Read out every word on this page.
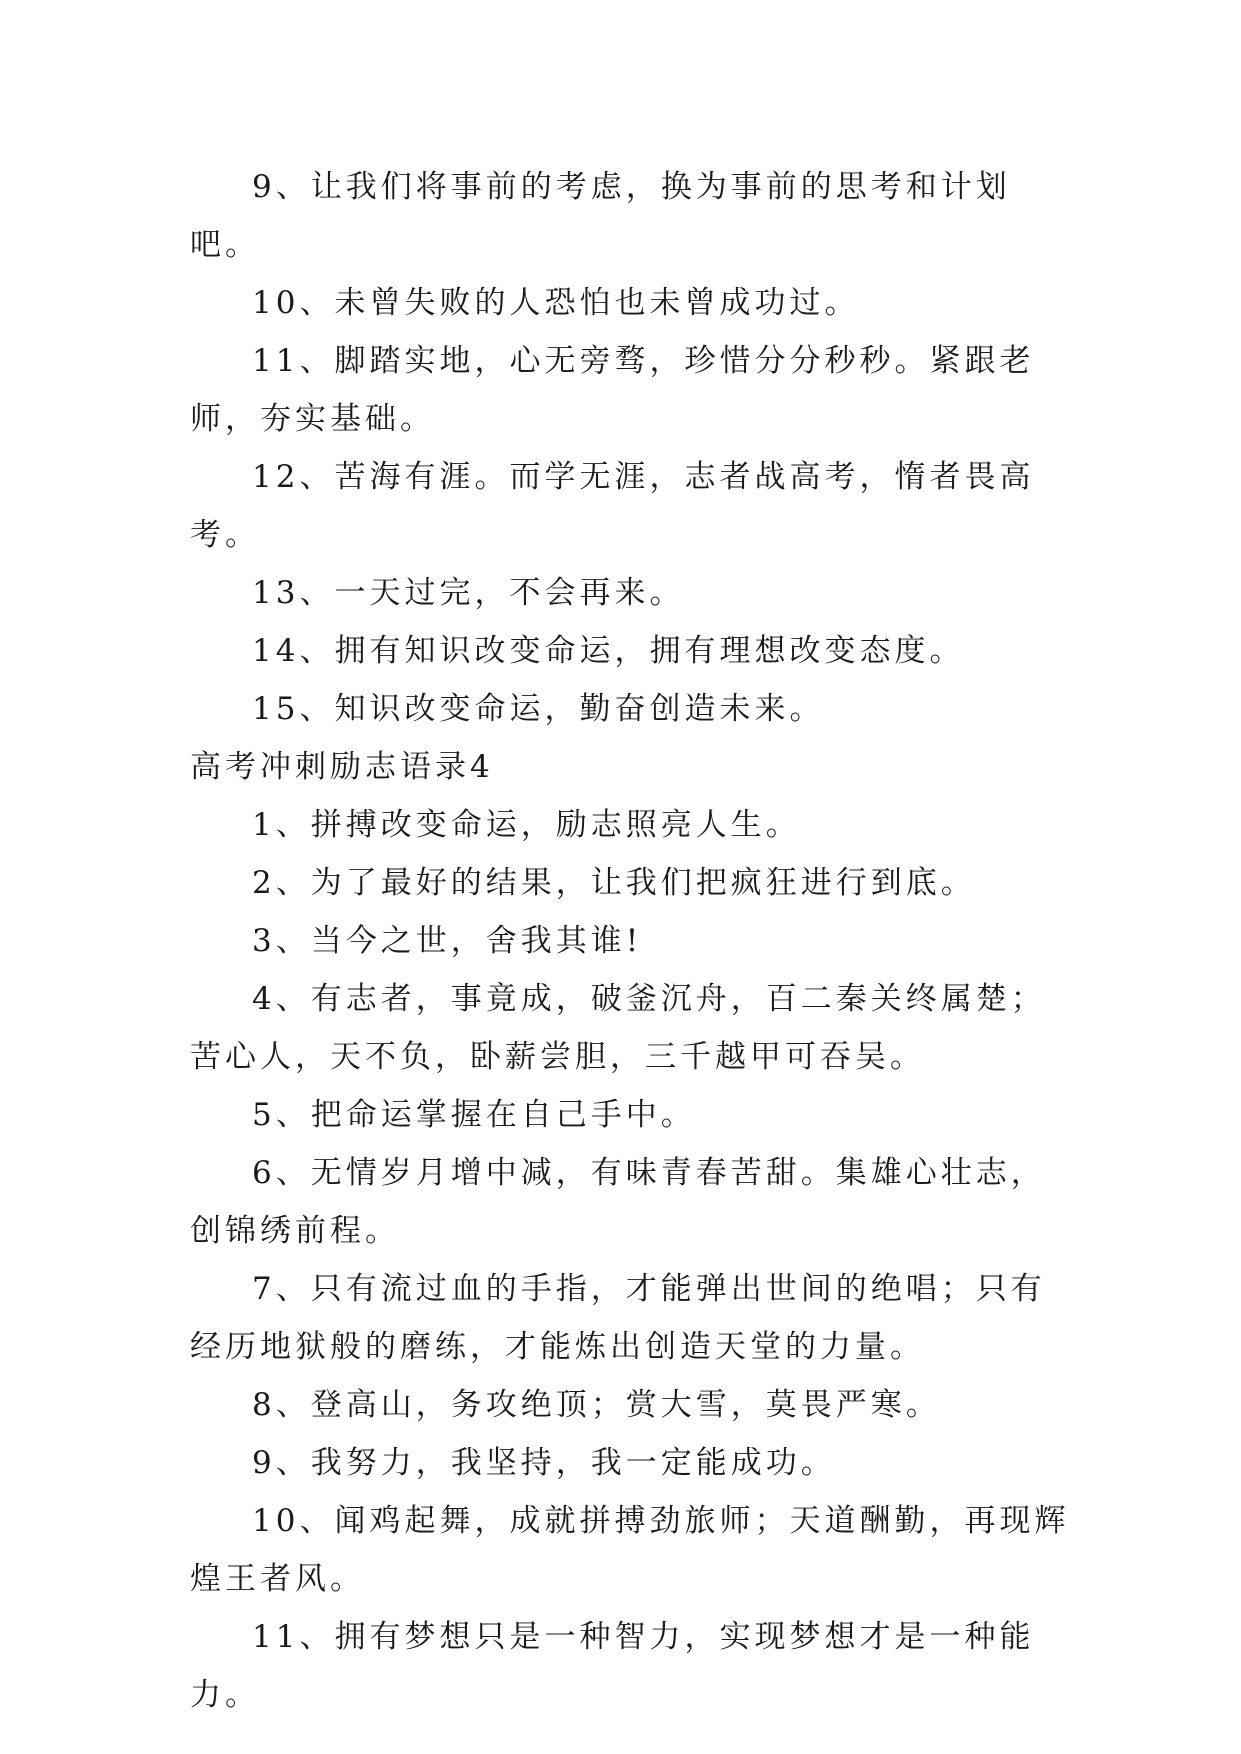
9、让我们将事前的考虑，换为事前的思考和计划吧。

10、未曾失败的人恐怕也未曾成功过。

11、脚踏实地，心无旁骛，珍惜分分秒秒。紧跟老师，夯实基础。

12、苦海有涯。而学无涯，志者战高考，惰者畏高考。

13、一天过完，不会再来。

14、拥有知识改变命运，拥有理想改变态度。

15、知识改变命运，勤奋创造未来。

高考冲刺励志语录4

1、拼搏改变命运，励志照亮人生。

2、为了最好的结果，让我们把疯狂进行到底。

3、当今之世，舍我其谁!

4、有志者，事竟成，破釜沉舟，百二秦关终属楚；苦心人，天不负，卧薪尝胆，三千越甲可吞吴。

5、把命运掌握在自己手中。

6、无情岁月增中减，有味青春苦甜。集雄心壮志，创锦绣前程。

7、只有流过血的手指，才能弹出世间的绝唱；只有经历地狱般的磨练，才能炼出创造天堂的力量。

8、登高山，务攻绝顶；赏大雪，莫畏严寒。

9、我努力，我坚持，我一定能成功。

10、闻鸡起舞，成就拼搏劲旅师；天道酬勤，再现辉煌王者风。

11、拥有梦想只是一种智力，实现梦想才是一种能力。
